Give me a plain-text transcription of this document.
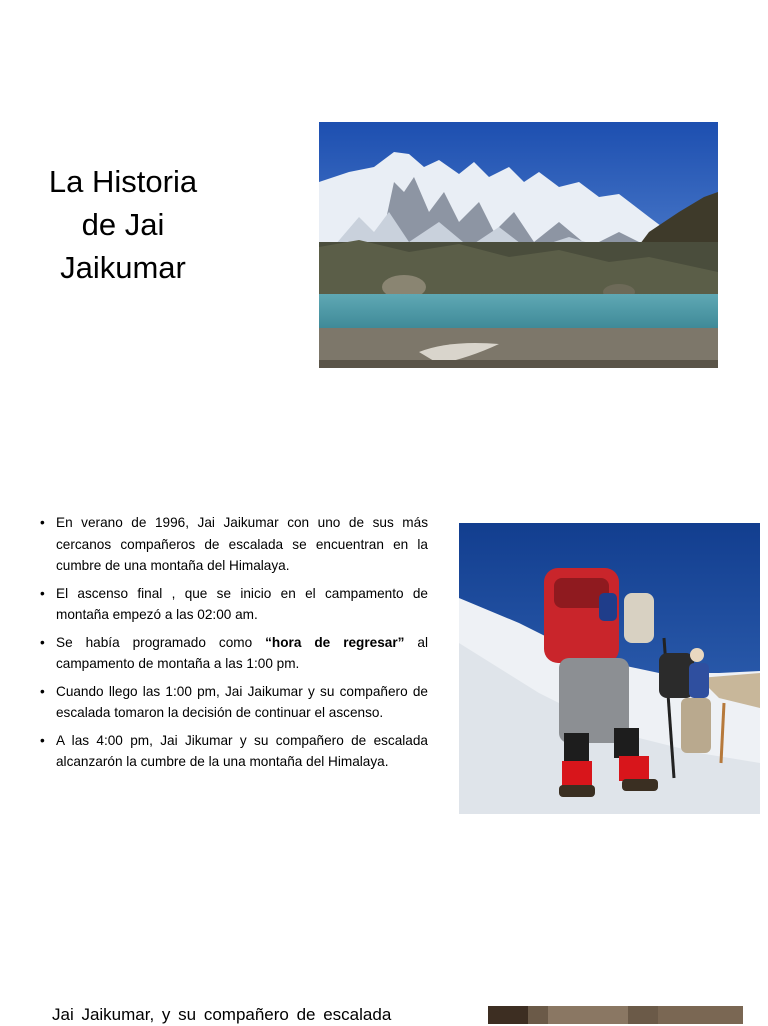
La Historia
de Jai
Jaikumar
• En verano de 1996, Jai Jaikumar con uno de sus más cercanos compañeros de escalada se encuentran en la cumbre de una montaña del Himalaya.
• El ascenso final , que se inicio en el campamento de montaña empezó a las 02:00 am.
• Se había programado como “hora de regresar” al campamento de montaña a las 1:00 pm.
• Cuando llego las 1:00 pm, Jai Jaikumar y su compañero de escalada tomaron la decisión de continuar el ascenso.
• A las 4:00 pm, Jai Jikumar y su compañero de escalada alcanzarón la cumbre de la una montaña del Himalaya.
Jai Jaikumar, y su compañero de escalada
